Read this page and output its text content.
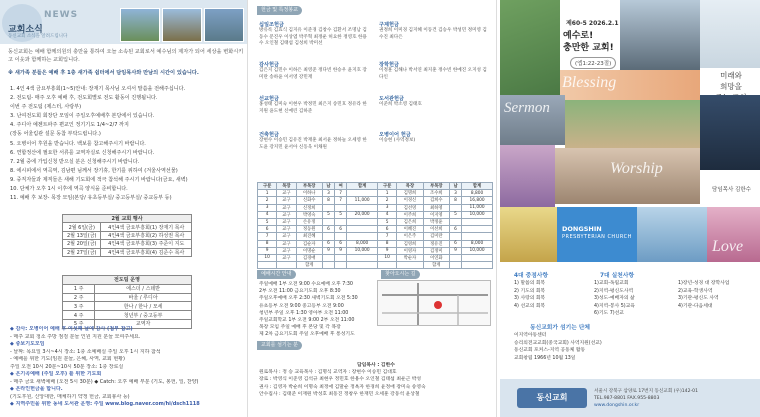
NEWS
교회소식
동신교회 소식을 알려드립니다
동신교회는 예배 함께의원의 충만을 통하여 오늘 소속된 교회로서 예수님의 제자가 되어 세상을 변화시키고 이웃과 함께하는 교회입니다.
※ 새가족 분들은 예배 후 1층 새가족 쉼터에서 담임목사와 만남의 시간이 있습니다.
1. 4인 4색 금요부흥회(1~5)안내: 장재기 목사님 오셔서 말씀을 전해주십니다.
2. 전도팀- 매주 오후 예배 후, 전도회별로 전도 활동이 진행됩니다.
이번 주 전도팀 (제스터, 사랑부)
3. 난여전도회 회장단 모임이 주일오후예배후 본당에서 있습니다.
4. 주디아 예젠트파주 편교인 정기기도 1/4~2/7 까지
(장동 어울림관 설문 동참 부탁드립니다.)
5. 오병이어 후원을 받습니다. 백보를 참고해주시기 바랍니다.
6. 연합정산에 필요한 서류를 교역자실로 신청해주시기 바랍니다.
7. 2월 중에 가입신청 받으실 분은 신청해주시기 바랍니다.
8. 에시피에서 역곡역, 김남편 님께서 장기휴, 한기를 위하여 (겨울사역선물)
9. 중직자들과 제직들은 새해 기도회에 적극 참석해 주시기 바랍니다(금요, 새벽)
10. 단체가 오후 1시 이후에 역곡 양식을 준비합니다.
11. 예배 후 보장- 목장 모임(본당/ 유초등부실/ 중고등부실/ 중교등부 등)
2월 교회 행사	
2월 6일(금)	4인4색 금요부흥회(1) 장재기 목사
2월 13일(금)	4인4색 금요부흥회(2) 하성권 목사
2월 20일(금)	4인4색 금요부흥회(3) 주준이 지도
2월 27일(금)	4인4색 금요부흥회(4) 김준수 목사
전도팀 운영	
1 주	에스더 / 스데반
2 주	바울 / 루디아
3 주	한나 / 한나 / 모세
4 주	청년부 / 중고등부
5 주	교역자
◆ 감사: 오병이어 예배 후 여섯째 날에 감사 (첨부 참고)
- 매주 교회 청소 주방 점검 분들 인원 지원 분들 모여주세요.
◆ 중보기도모임
- 날짜: 목요일 3시~4시 장소: 1층 소예배실 주일 오후 1시 지하 참석
- 예배를 위한 기도(임원 분들, 은혜, 사역, 교회 현황)
주일 오전 10시 20분~10시 50분 장소: 1층 장로실
◆ 온기곡예배 (주일 오후) 를 위한 기도회
- 매주 금요 새벽예배 (오전 5시 30분) ◆ Catch: 오후 예배 부분 (기도, 봉헌, 일, 찬양)
◆ 온라인헌금을 합니다.
(기도후원, 신앙대한, 매체하기 약정 헌금, 교회봉사 등)
◆ 지역주민을 위한 동네 도서관 운영: 주일 www.blog.naver.com/hi/dsch1118
헌금 및 특정봉교
십일조헌금
방유록 김효식 김지유 이준경 김창수 김환서 조명남 김동수 문진우 이상엽 박주혁 최정운 허요한 정영호 한용수 오인철 김태섭 김성희 박미선
구제헌금
권정희 이미경 김지혜 이동건 김승우 박성민 정미영 김수진 최다은
감사헌금
김은지 김민수 이하은 최영준 정다빈 한승우 윤지호 장미란 송하윤 이서영 강민재
장학헌금
이정훈 김해나 박서연 최지훈 정수빈 한예진 오지성 김다인
선교헌금
홍성태 김미숙 이현우 박정민 최은지 송민호 정유라 한지원 윤도현 신예린 김하준
도서관헌금
이준희 박소영 김태호
건축헌금
장현수 이승민 김유진 박재훈 최서윤 정하늘 오세영 한도윤 강지민 윤서아 신동욱 이채원
오병이어 헌금
이승현 (사역정보)
구분	목장	부목장	남	여	합계	구분	목장	부목장	남	합계
1	교구	이하나	3	7		1	김명희	조수희	3	8,800
2	교구	신화수	8	7	11,000	2	이경신	김희수	8	16,800
3	교구	신정희				3	김선영	최하영		11,000
4	교구	박영숙	5	5	20,000	4	이주희	이지영	5	10,000
5	교구	손유정				5	김은희	박정윤		
6	교구	정동원	6	6		6	이혜진	이선희	6	
7	교구	최진혜				7	이은주	김미란		
8	교구	김순자	6	6	8,000	8	김영희	정유진	6	8,000
9	교구	이명순	9	9	10,000	9	이영자	김정미	9	10,000
10	교구	김경애				10	박순자	이연화		
		합계						합계		
예배시간 안내	찾아오시는 길
주일예배 1부 오전 9:00 수요예배 오후 7:30
2부 오전 11:00 금요기도회 오후 8:30
주일오후예배 오후 2:30 새벽기도회 오전 5:30
유초등부 오전 9:00 중고등부 오전 9:00
청년부 주일 오후 1:30 영아부 오전 11:00
주일교회학교 1부 오전 9:00 2부 오전 11:00
목장 모임 주일 예배 후 본당 및 각 목장
제 2차 금요기도회 주일 오후예배 후 통성기도
교회를 섬기는 분
담임목사 : 김한수
원로목사 : 정 승 교육목사 : 김명식 교역자 : 장현수 이승민 김대호
장로 : 박영식 이준영 김석규 최현우 정민호 한용수 오인철 김태섭 최운근 박성
권사 : 김영자 박순희 이명숙 최정애 김말순 정옥자 한경희 윤정애 장미숙 송영숙
안수집사 : 김태준 이재원 박성호 최동진 정창우 한재민 오세훈 강동석 윤상철
제60-5 2026.2.1
예수로!
충만한 교회!
(엡1:22-23절)
미래와
희망을
Blessing
Sermon
담임목사 김한수
Worship
Love
4대 중점사항
1) 말씀의 회복
2) 기도의 회복
3) 사랑의 회복
4) 선교의 회복
7대 실천사항
1)교회-독립교회
2)지역-평신도사역
3)성도-예배자의 삶
4)지역-봉사 5)교육
6)기도 7)선교
1)장년-성경 대 장학사업
2)교육-학생사역
3)기관-평신도 사역
4)기관-다음세대
동신교회가 섬기는 단체
이지역아동센터
승리의전교교회(중국교회) 사역지원(선교)
동신교회 포커스-지역 공동체 활동
교회창립 1966년 10월 13일
DONGSHIN
PRESBYTERIAN CHURCH
동신교회
서울시 강북구 삼양로 17번지 동신교회 (우)142-01
TEL.987-8801 FAX.955-8803
www.dongshin.or.kr
